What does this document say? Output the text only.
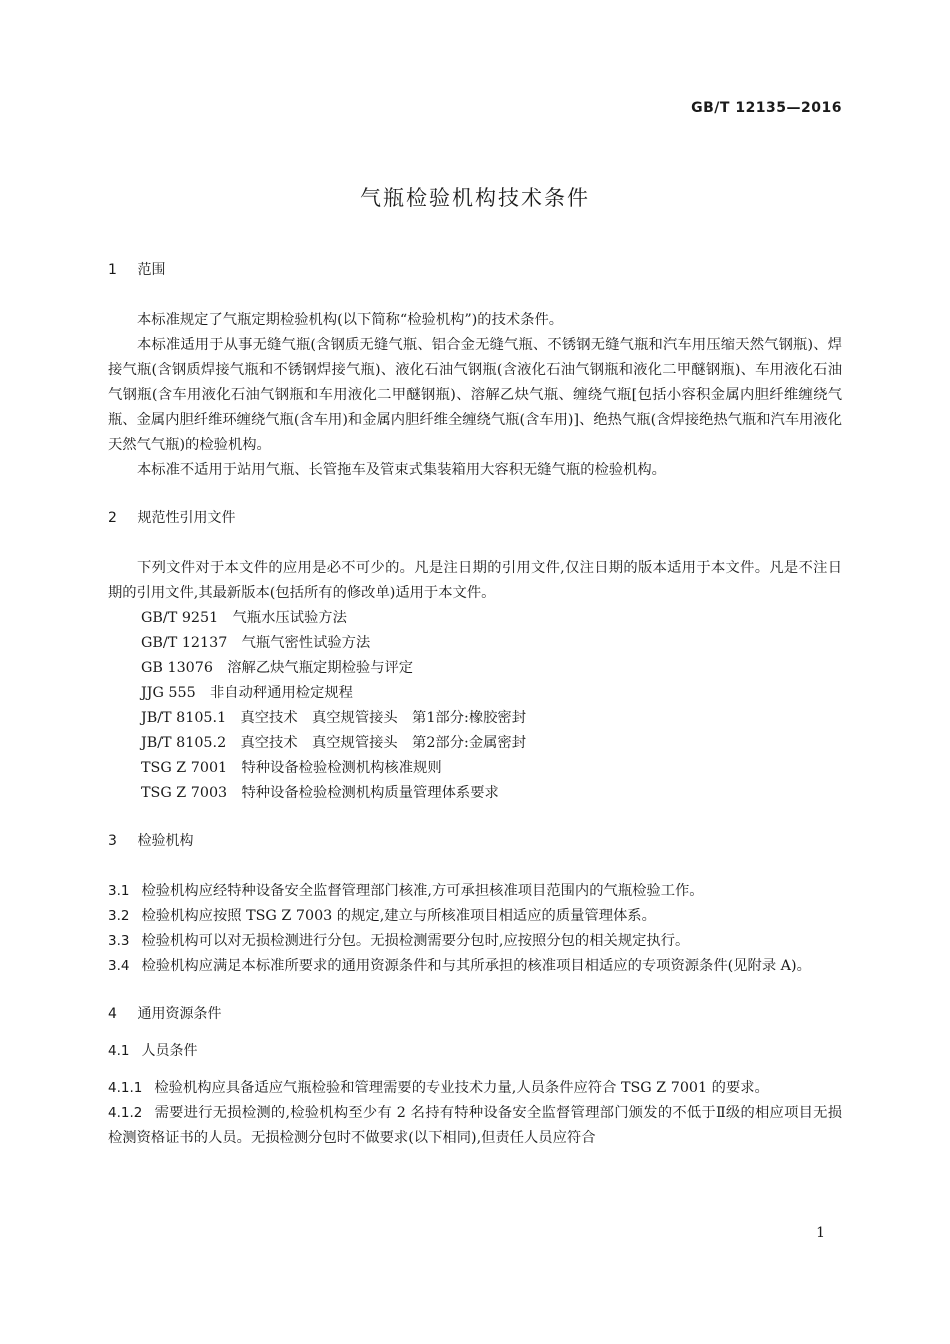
GB/T 12135—2016
气瓶检验机构技术条件
1 范围

本标准规定了气瓶定期检验机构(以下简称“检验机构”)的技术条件。

本标准适用于从事无缝气瓶(含钢质无缝气瓶、铝合金无缝气瓶、不锈钢无缝气瓶和汽车用压缩天然气钢瓶)、焊接气瓶(含钢质焊接气瓶和不锈钢焊接气瓶)、液化石油气钢瓶(含液化石油气钢瓶和液化二甲醚钢瓶)、车用液化石油气钢瓶(含车用液化石油气钢瓶和车用液化二甲醚钢瓶)、溶解乙炔气瓶、缠绕气瓶[包括小容积金属内胆纤维缠绕气瓶、金属内胆纤维环缠绕气瓶(含车用)和金属内胆纤维全缠绕气瓶(含车用)]、绝热气瓶(含焊接绝热气瓶和汽车用液化天然气气瓶)的检验机构。

本标准不适用于站用气瓶、长管拖车及管束式集装箱用大容积无缝气瓶的检验机构。

2 规范性引用文件

下列文件对于本文件的应用是必不可少的。凡是注日期的引用文件,仅注日期的版本适用于本文件。凡是不注日期的引用文件,其最新版本(包括所有的修改单)适用于本文件。

GB/T 9251　 气瓶水压试验方法
GB/T 12137　 气瓶气密性试验方法
GB 13076　 溶解乙炔气瓶定期检验与评定
JJG 555　 非自动秤通用检定规程
JB/T 8105.1　 真空技术　真空规管接头　第1部分:橡胶密封
JB/T 8105.2　 真空技术　真空规管接头　第2部分:金属密封
TSG Z 7001　 特种设备检验检测机构核准规则
TSG Z 7003　 特种设备检验检测机构质量管理体系要求
3 检验机构

3.1 检验机构应经特种设备安全监督管理部门核准,方可承担核准项目范围内的气瓶检验工作。

3.2 检验机构应按照 TSG Z 7003 的规定,建立与所核准项目相适应的质量管理体系。

3.3 检验机构可以对无损检测进行分包。无损检测需要分包时,应按照分包的相关规定执行。

3.4 检验机构应满足本标准所要求的通用资源条件和与其所承担的核准项目相适应的专项资源条件(见附录 A)。

4 通用资源条件
4.1 人员条件

4.1.1 检验机构应具备适应气瓶检验和管理需要的专业技术力量,人员条件应符合 TSG Z 7001 的要求。

4.1.2 需要进行无损检测的,检验机构至少有 2 名持有特种设备安全监督管理部门颁发的不低于Ⅱ级的相应项目无损检测资格证书的人员。无损检测分包时不做要求(以下相同),但责任人员应符合

1
